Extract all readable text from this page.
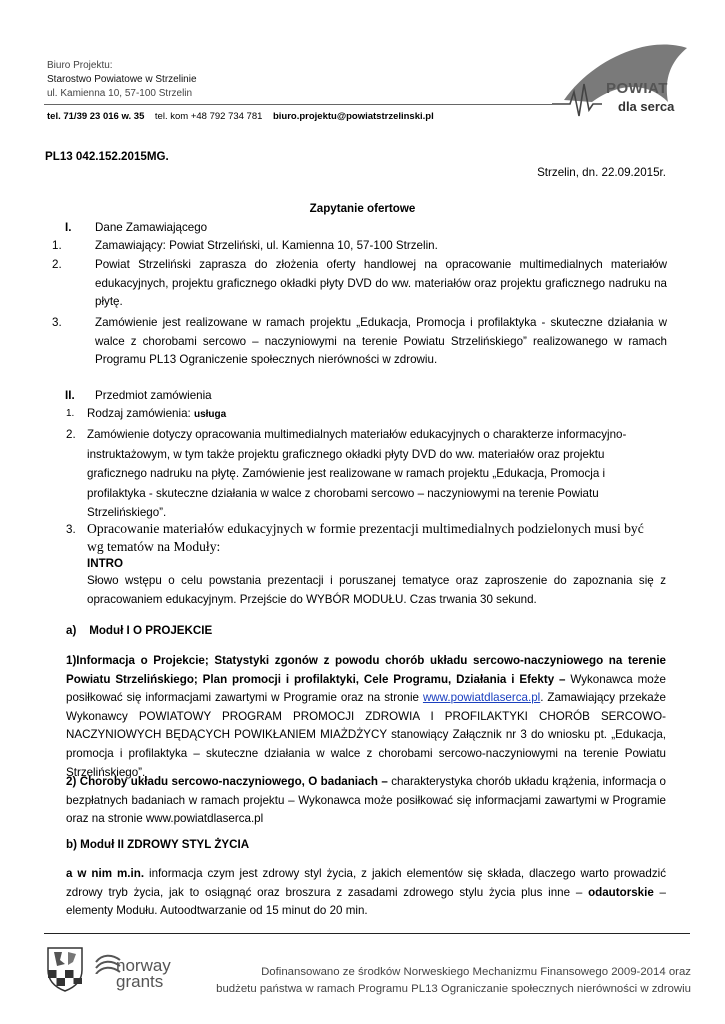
Biuro Projektu:
Starostwo Powiatowe w Strzelinie
ul. Kamienna 10, 57-100 Strzelin
tel. 71/39 23 016 w. 35 tel. kom +48 792 734 781 biuro.projektu@powiatstrzelinski.pl
POWIAT
dla serca
PL13 042.152.2015MG.
Strzelin, dn. 22.09.2015r.
Zapytanie ofertowe
I. Dane Zamawiającego
1.	Zamawiający: Powiat Strzeliński, ul. Kamienna 10, 57-100 Strzelin.
2.	Powiat Strzeliński zaprasza do złożenia oferty handlowej na opracowanie multimedialnych materiałów edukacyjnych, projektu graficznego okładki płyty DVD do ww. materiałów oraz projektu graficznego nadruku na płytę.
3.	Zamówienie jest realizowane w ramach projektu „Edukacja, Promocja i profilaktyka - skuteczne działania w walce z chorobami sercowo – naczyniowymi na terenie Powiatu Strzelińskiego” realizowanego w ramach Programu PL13 Ograniczenie społecznych nierówności w zdrowiu.
II. Przedmiot zamówienia
1.	Rodzaj zamówienia: usługa
2. Zamówienie dotyczy opracowania multimedialnych materiałów edukacyjnych o charakterze informacyjno-instruktażowym, w tym także projektu graficznego okładki płyty DVD do ww. materiałów oraz projektu graficznego nadruku na płytę. Zamówienie jest realizowane w ramach projektu „Edukacja, Promocja i profilaktyka - skuteczne działania w walce z chorobami sercowo – naczyniowymi na terenie Powiatu Strzelińskiego”.
3. Opracowanie materiałów edukacyjnych w formie prezentacji multimedialnych podzielonych musi być wg tematów na Moduły:
INTRO
Słowo wstępu o celu powstania prezentacji i poruszanej tematyce oraz zaproszenie do zapoznania się z opracowaniem edukacyjnym. Przejście do WYBÓR MODUŁU. Czas trwania 30 sekund.
a)    Moduł I O PROJEKCIE
1)Informacja o Projekcie; Statystyki zgonów z powodu chorób układu sercowo-naczyniowego na terenie Powiatu Strzelińskiego; Plan promocji i profilaktyki, Cele Programu, Działania i Efekty – Wykonawca może posiłkować się informacjami zawartymi w Programie oraz na stronie www.powiatdlaserca.pl. Zamawiający przekaże Wykonawcy POWIATOWY PROGRAM PROMOCJI ZDROWIA I PROFILAKTYKI CHORÓB SERCOWO-NACZYNIOWYCH BĘDĄCYCH POWIKŁANIEM MIAŻDŻYCY stanowiący Załącznik nr 3 do wniosku pt. „Edukacja, promocja i profilaktyka – skuteczne działania w walce z chorobami sercowo-naczyniowymi na terenie Powiatu Strzelińskiego”.
2) Choroby układu sercowo-naczyniowego, O badaniach – charakterystyka chorób układu krążenia, informacja o bezpłatnych badaniach w ramach projektu – Wykonawca może posiłkować się informacjami zawartymi w Programie oraz na stronie www.powiatdlaserca.pl
b) Moduł II ZDROWY STYL ŻYCIA
a w nim m.in. informacja czym jest zdrowy styl życia, z jakich elementów się składa, dlaczego warto prowadzić zdrowy tryb życia, jak to osiągnąć oraz broszura z zasadami zdrowego stylu życia plus inne – odautorskie – elementy Modułu. Autoodtwarzanie od 15 minut do 20 min.
norway
grants	Dofinansowano ze środków Norweskiego Mechanizmu Finansowego 2009-2014 oraz
budżetu państwa w ramach Programu PL13 Ograniczanie społecznych nierówności w zdrowiu
